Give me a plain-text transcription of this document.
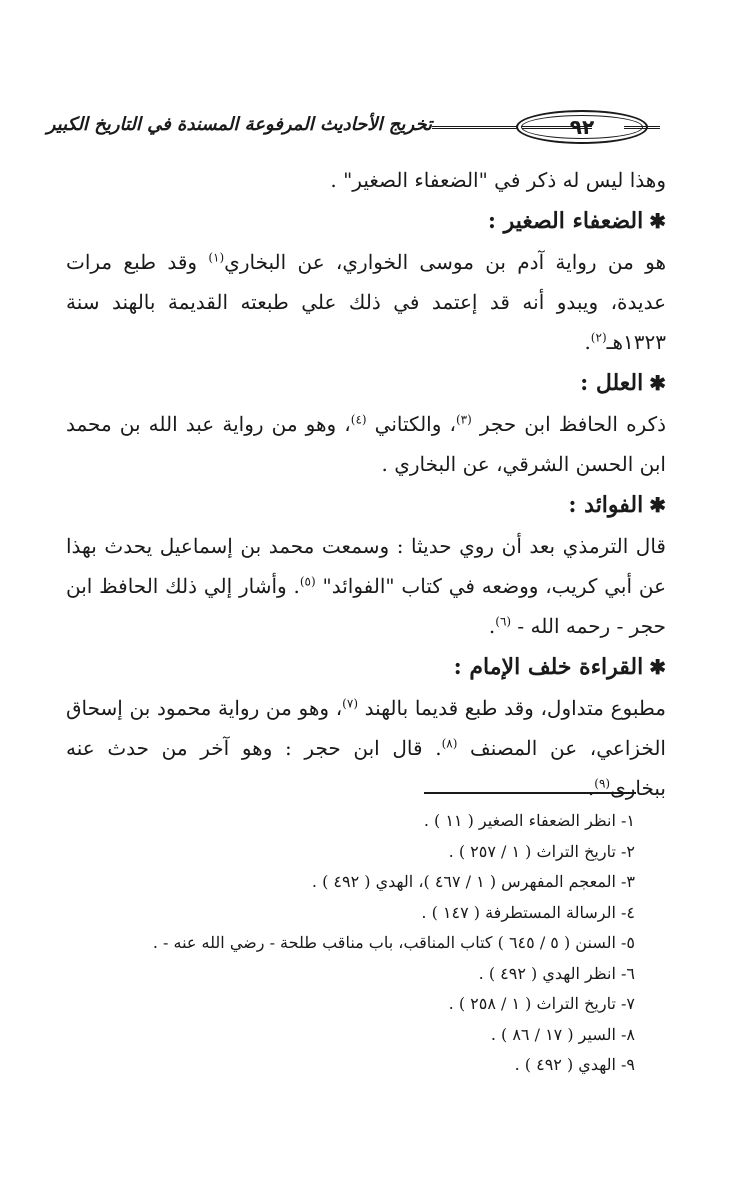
تخريج الأحاديث المرفوعة المسندة في التاريخ الكبير	٩٢

وهذا ليس له ذكر في "الضعفاء الصغير" .

✱الضعفاء الصغير :

هو من رواية آدم بن موسى الخواري، عن البخاري$^{(١)}$ وقد طبع مرات عديدة، ويبدو أنه قد إعتمد في ذلك علي طبعته القديمة بالهند سنة ١٣٢٣هـ$^{(٢)}$.

✱العلل :

ذكره الحافظ ابن حجر $^{(٣)}$، والكتاني $^{(٤)}$، وهو من رواية عبد الله بن محمد ابن الحسن الشرقي، عن البخاري .

✱الفوائد :

قال الترمذي بعد أن روي حديثا : وسمعت محمد بن إسماعيل يحدث بهذا عن أبي كريب، ووضعه في كتاب "الفوائد" $^{(٥)}$. وأشار إلي ذلك الحافظ ابن حجر - رحمه الله - $^{(٦)}$.

✱القراءة خلف الإمام :

مطبوع متداول، وقد طبع قديما بالهند $^{(٧)}$، وهو من رواية محمود بن إسحاق الخزاعي، عن المصنف $^{(٨)}$. قال ابن حجر : وهو آخر من حدث عنه ببخارى$^{(٩)}$.

١- انظر الضعفاء الصغير ( ١١ ) .
٢- تاريخ التراث ( ١ / ٢٥٧ ) .
٣- المعجم المفهرس ( ١ / ٤٦٧ )، الهدي ( ٤٩٢ ) .
٤- الرسالة المستطرفة ( ١٤٧ ) .
٥- السنن ( ٥ / ٦٤٥ ) كتاب المناقب، باب مناقب طلحة - رضي الله عنه - .
٦- انظر الهدي ( ٤٩٢ ) .
٧- تاريخ التراث ( ١ / ٢٥٨ ) .
٨- السير ( ١٧ / ٨٦ ) .
٩- الهدي ( ٤٩٢ ) .
